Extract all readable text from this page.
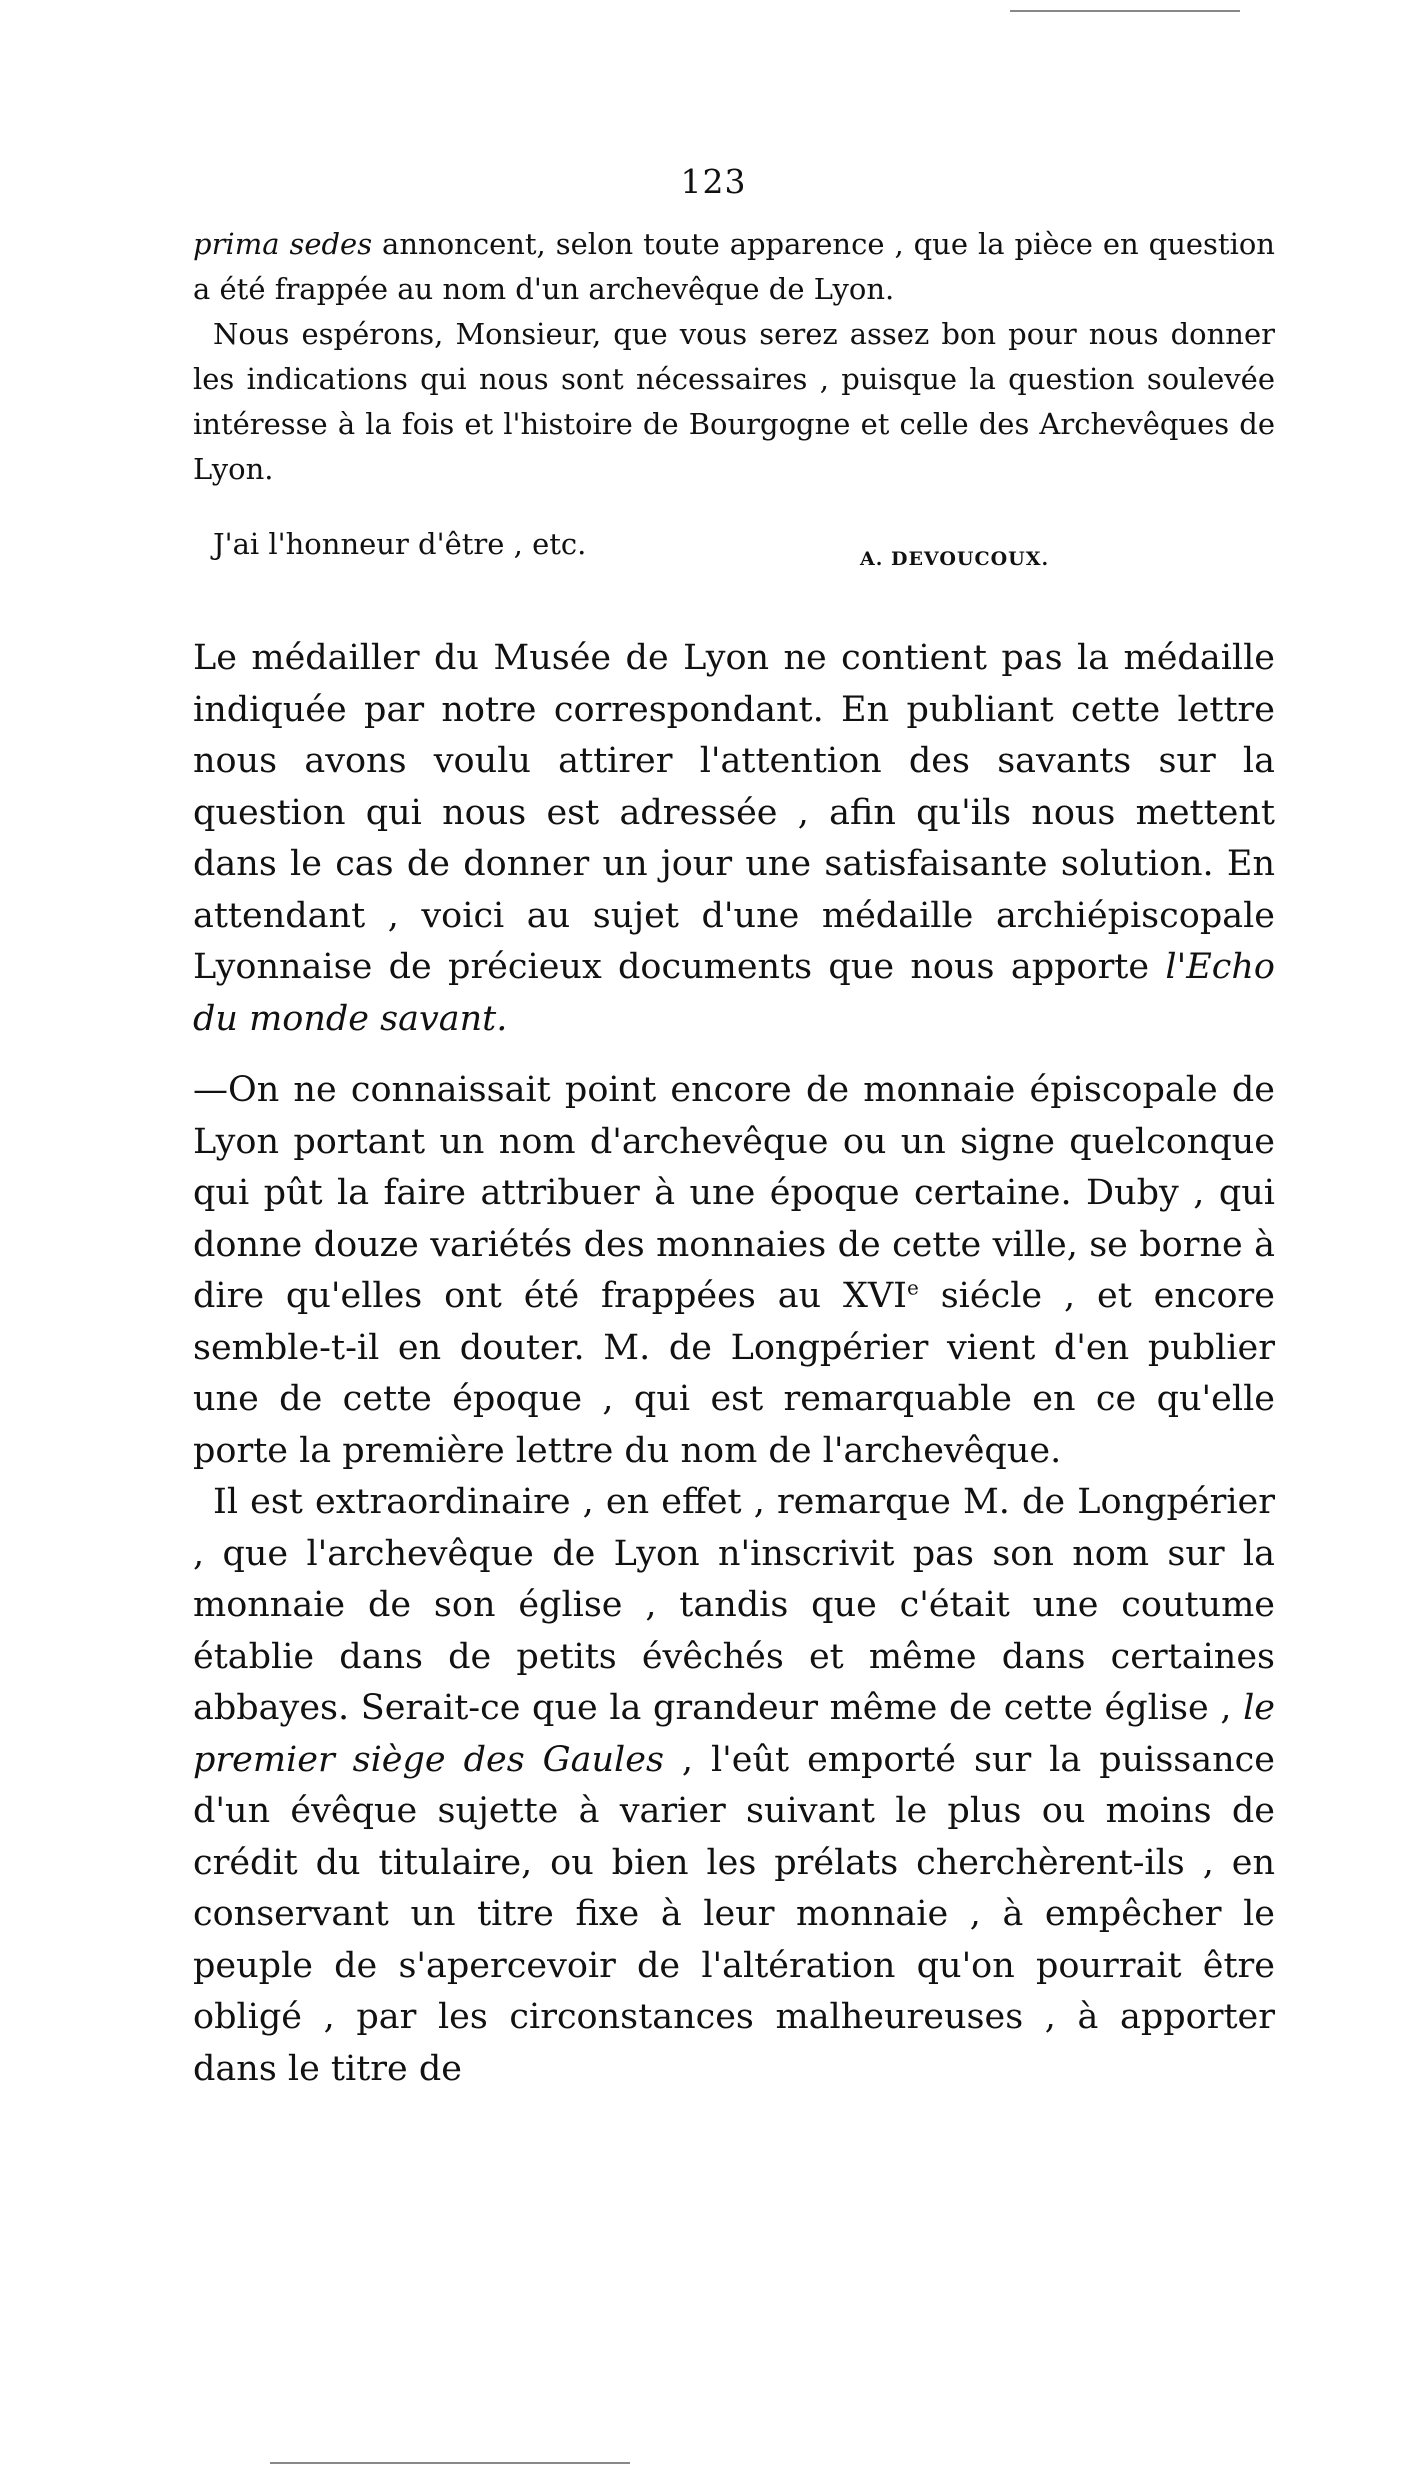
123

prima sedes annoncent, selon toute apparence , que la pièce en question a été frappée au nom d'un archevêque de Lyon.

Nous espérons, Monsieur, que vous serez assez bon pour nous donner les indications qui nous sont nécessaires , puisque la question soulevée intéresse à la fois et l'histoire de Bourgogne et celle des Archevêques de Lyon.

J'ai l'honneur d'être , etc.	A. DEVOUCOUX.

Le médailler du Musée de Lyon ne contient pas la médaille indiquée par notre correspondant. En publiant cette lettre nous avons voulu attirer l'attention des savants sur la question qui nous est adressée , afin qu'ils nous mettent dans le cas de donner un jour une satisfaisante solution. En attendant , voici au sujet d'une médaille archiépiscopale Lyonnaise de précieux documents que nous apporte l'Echo du monde savant.

—On ne connaissait point encore de monnaie épiscopale de Lyon portant un nom d'archevêque ou un signe quelconque qui pût la faire attribuer à une époque certaine. Duby , qui donne douze variétés des monnaies de cette ville, se borne à dire qu'elles ont été frappées au XVIe siécle , et encore semble-t-il en douter. M. de Longpérier vient d'en publier une de cette époque , qui est remarquable en ce qu'elle porte la première lettre du nom de l'archevêque.

Il est extraordinaire , en effet , remarque M. de Longpérier , que l'archevêque de Lyon n'inscrivit pas son nom sur la monnaie de son église , tandis que c'était une coutume établie dans de petits évêchés et même dans certaines abbayes. Serait-ce que la grandeur même de cette église , le premier siège des Gaules , l'eût emporté sur la puissance d'un évêque sujette à varier suivant le plus ou moins de crédit du titulaire, ou bien les prélats cherchèrent-ils , en conservant un titre fixe à leur monnaie , à empêcher le peuple de s'apercevoir de l'altération qu'on pourrait être obligé , par les circonstances malheureuses , à apporter dans le titre de
